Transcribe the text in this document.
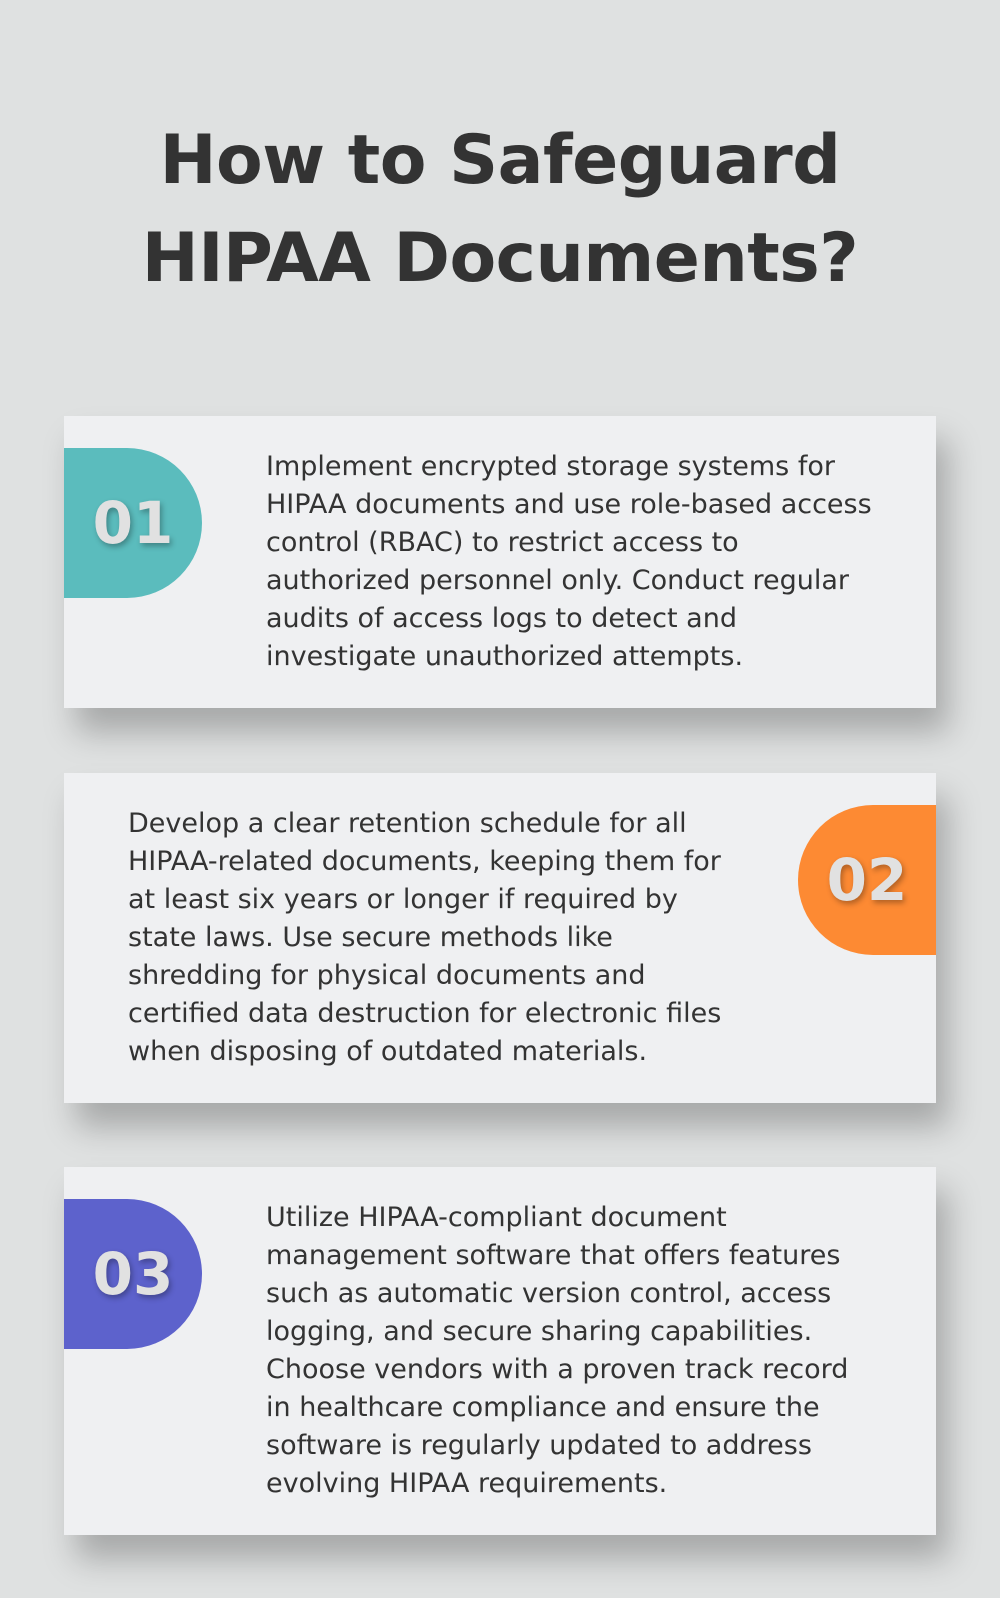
How to Safeguard
HIPAA Documents?
01
Implement encrypted storage systems for HIPAA documents and use role-based access control (RBAC) to restrict access to authorized personnel only. Conduct regular audits of access logs to detect and investigate unauthorized attempts.
02
Develop a clear retention schedule for all HIPAA-related documents, keeping them for at least six years or longer if required by state laws. Use secure methods like shredding for physical documents and certified data destruction for electronic files when disposing of outdated materials.
03
Utilize HIPAA-compliant document management software that offers features such as automatic version control, access logging, and secure sharing capabilities. Choose vendors with a proven track record in healthcare compliance and ensure the software is regularly updated to address evolving HIPAA requirements.
